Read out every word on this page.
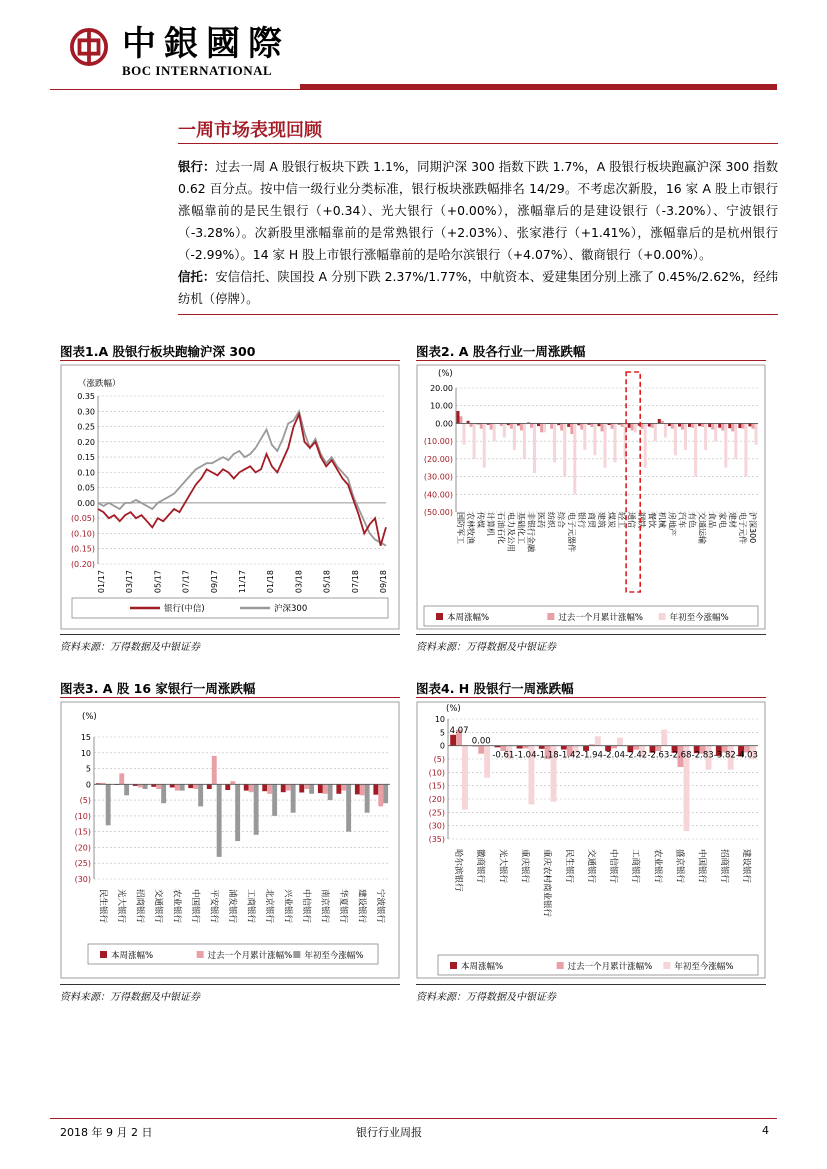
中銀國際
BOC INTERNATIONAL
一周市场表现回顾
银行：过去一周 A 股银行板块下跌 1.1%，同期沪深 300 指数下跌 1.7%，A 股银行板块跑赢沪深 300 指数 0.62 百分点。按中信一级行业分类标准，银行板块涨跌幅排名 14/29。不考虑次新股，16 家 A 股上市银行涨幅靠前的是民生银行（+0.34）、光大银行（+0.00%），涨幅靠后的是建设银行（-3.20%）、宁波银行（-3.28%）。次新股里涨幅靠前的是常熟银行（+2.03%）、张家港行（+1.41%），涨幅靠后的是杭州银行（-2.99%）。14 家 H 股上市银行涨幅靠前的是哈尔滨银行（+4.07%）、徽商银行（+0.00%）。
信托：安信信托、陕国投 A 分别下跌 2.37%/1.77%，中航资本、爱建集团分别上涨了 0.45%/2.62%，经纬纺机（停牌）。
图表1.A 股银行板块跑输沪深 300
（涨跌幅）
0.35
0.30
0.25
0.20
0.15
0.10
0.05
0.00
(0.05)
(0.10)
(0.15)
(0.20)
01/17 03/17 05/17 07/17 09/17 11/17 01/18 03/18 05/18 07/18 09/18
银行(中信)	沪深300
资料来源：万得数据及中银证券
图表2. A 股各行业一周涨跌幅
(%)
20.00
10.00
0.00
(10.00)
(20.00)
(30.00)
(40.00)
(50.00) 国防军工 农林牧渔 传媒 计算机 石油石化 电力及公用 基础化工 非银行金融 医药 纺织 综合 电子元器件 银行 商贸 建筑 煤炭 轻工 通信 钢铁 餐饮 机械 房地产 汽车 有色 交通运输 食品 家电 建材 电子元件 沪深300
本周涨幅%	过去一个月累计涨幅%	年初至今涨幅%
资料来源：万得数据及中银证券
图表3. A 股 16 家银行一周涨跌幅
(%)
15
10
5
0
(5)
(10)
(15)
(20)
(25)
(30)
民生银行 光大银行 招商银行 交通银行 农业银行 中国银行 平安银行 浦发银行 工商银行 北京银行 兴业银行 中信银行 南京银行 华夏银行 建设银行 宁波银行
本周涨幅%	过去一个月累计涨幅% 年初至今涨幅%
资料来源：万得数据及中银证券
图表4. H 股银行一周涨跌幅
(%)
10
5
0
(5)
(10)
(15)
(20)
(25)
(30)
(35)
哈尔滨银行 徽商银行 光大银行 重庆银行 重庆农村商业银行 民生银行 交通银行 中信银行 工商银行 农业银行 盛京银行 中国银行 招商银行 建设银行
4.07
0.00
-0.61 -1.04 -1.18 -1.42 -1.94 -2.04 -2.42 -2.63 -2.68 -2.83 -3.82 -4.03
本周涨幅%	过去一个月累计涨幅%	年初至今涨幅%
资料来源：万得数据及中银证券
2018 年 9 月 2 日	银行行业周报	4
